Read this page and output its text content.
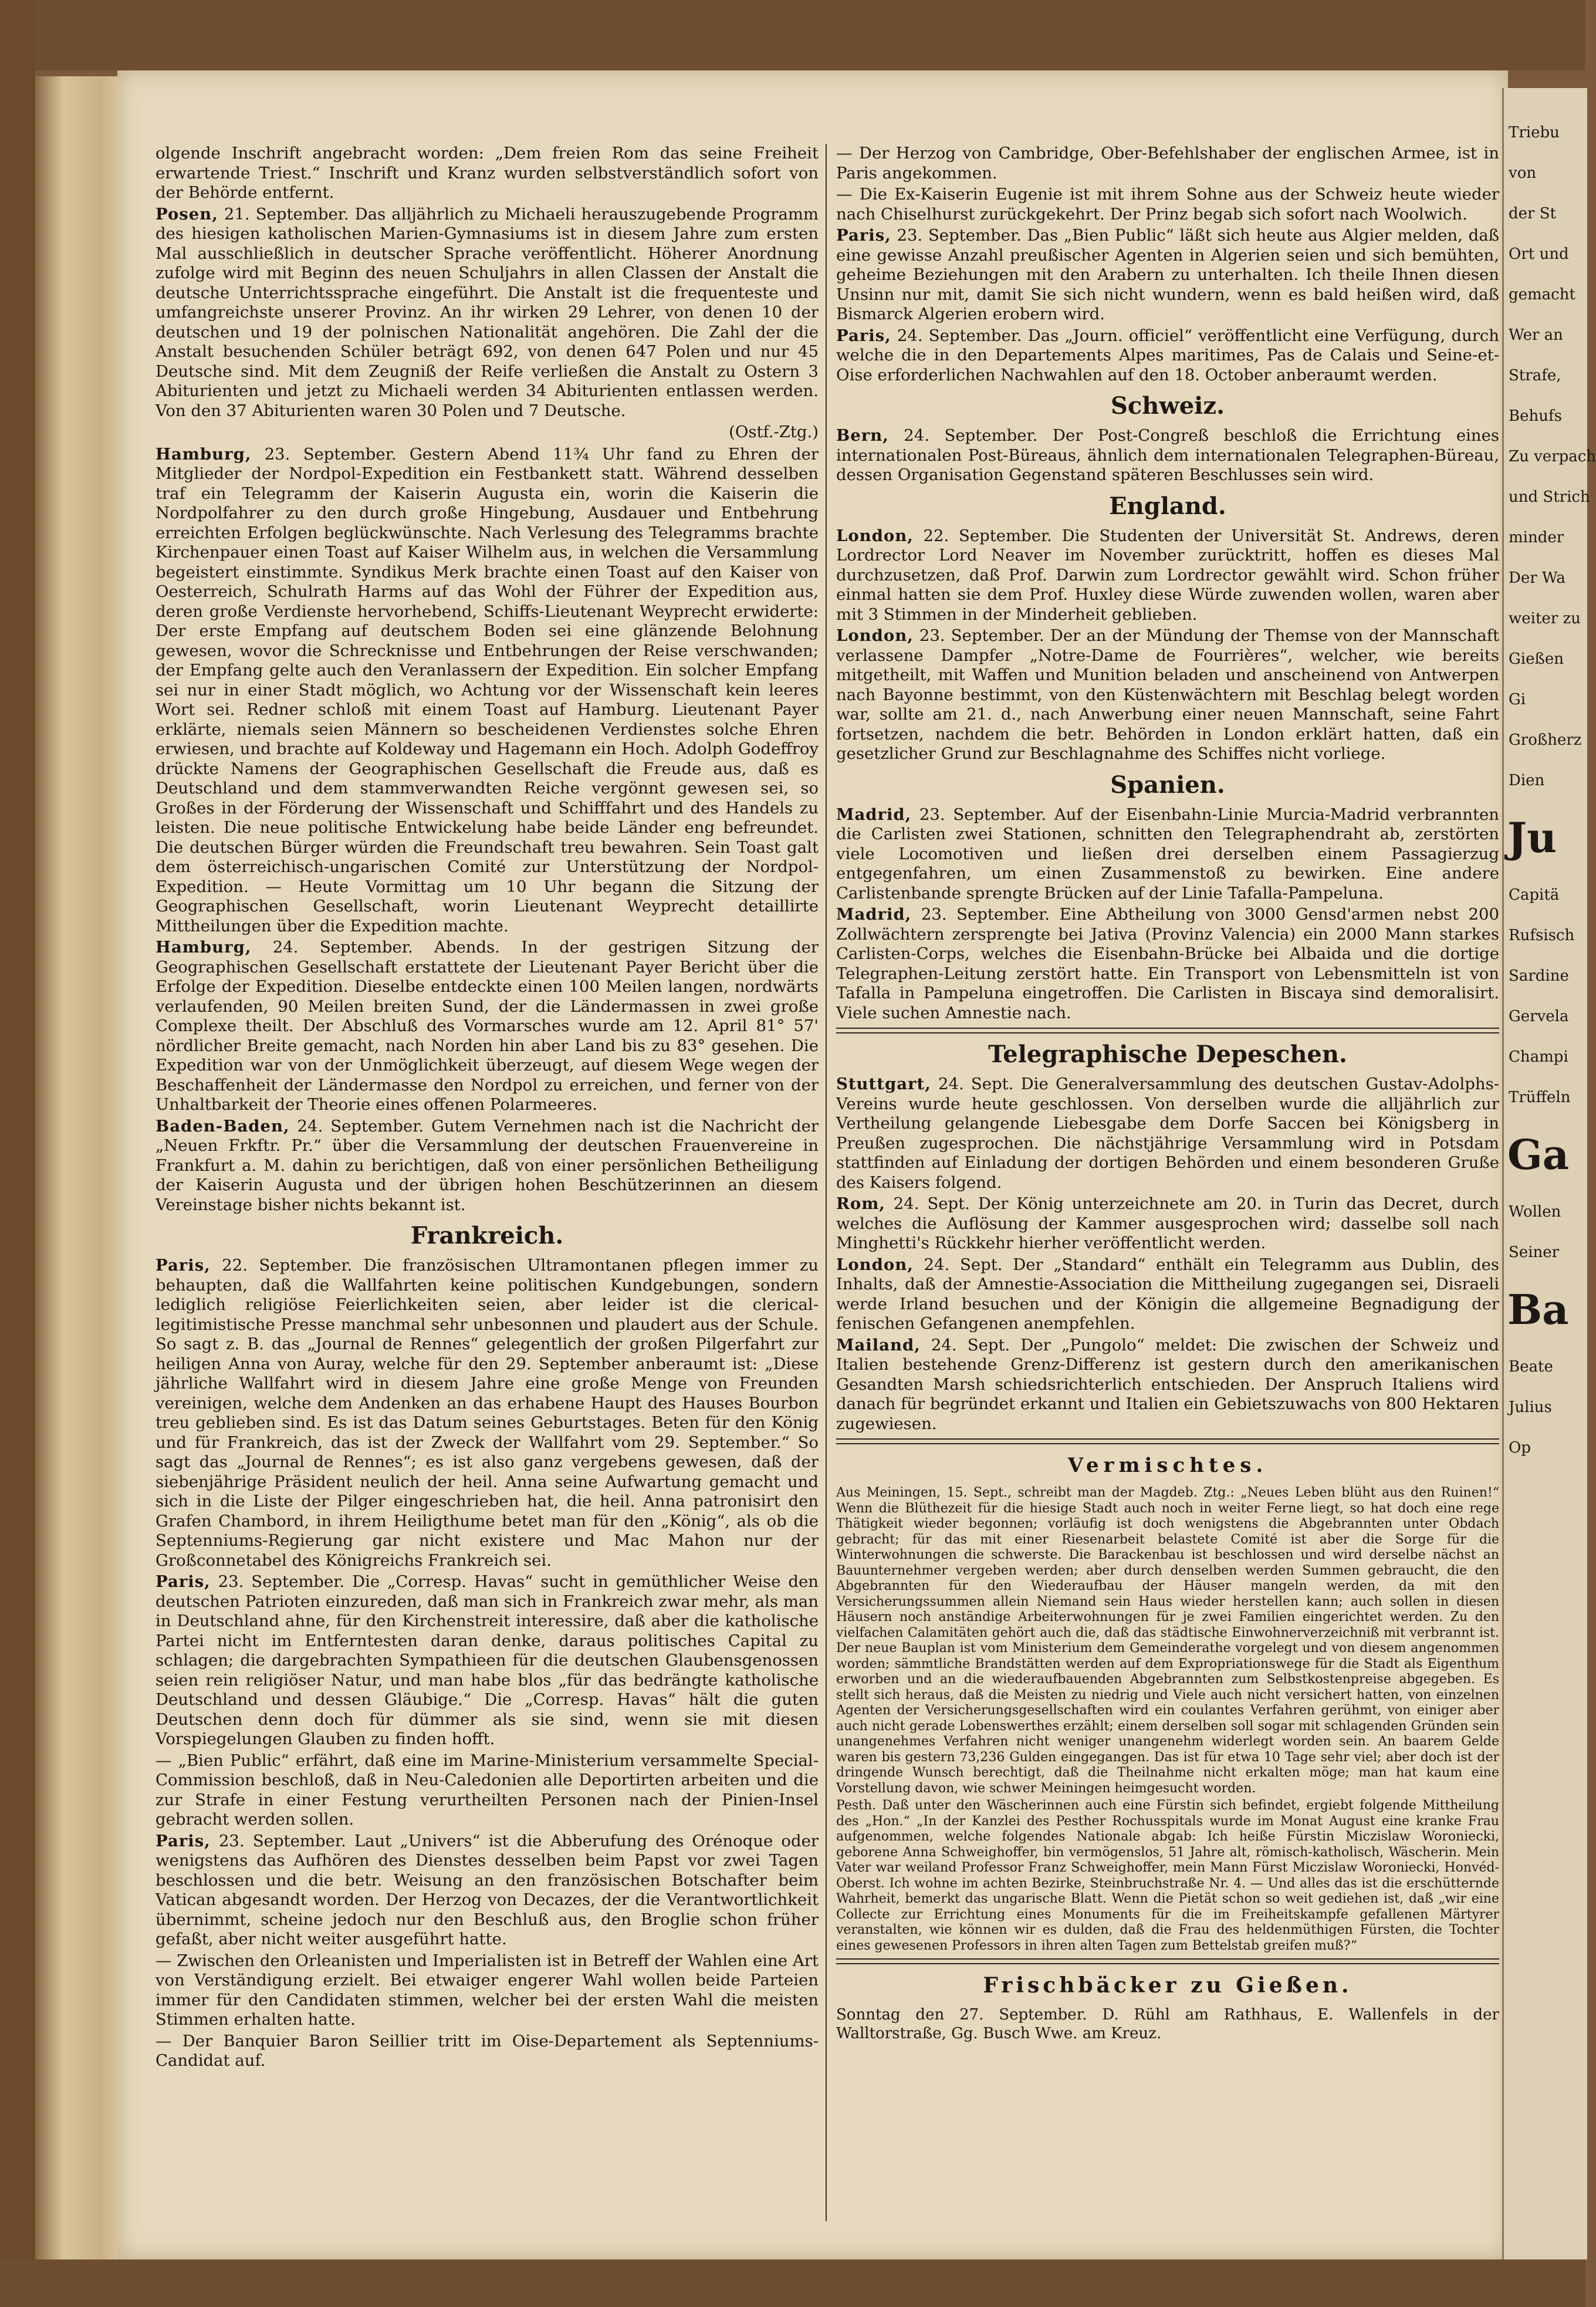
olgende Inschrift angebracht worden: „Dem freien Rom das seine Freiheit erwartende Triest.“ Inschrift und Kranz wurden selbstverständlich sofort von der Behörde entfernt.

Posen, 21. September. Das alljährlich zu Michaeli herauszugebende Programm des hiesigen katholischen Marien-Gymnasiums ist in diesem Jahre zum ersten Mal ausschließlich in deutscher Sprache veröffentlicht. Höherer Anordnung zufolge wird mit Beginn des neuen Schuljahrs in allen Classen der Anstalt die deutsche Unterrichtssprache eingeführt. Die Anstalt ist die frequenteste und umfangreichste unserer Provinz. An ihr wirken 29 Lehrer, von denen 10 der deutschen und 19 der polnischen Nationalität angehören. Die Zahl der die Anstalt besuchenden Schüler beträgt 692, von denen 647 Polen und nur 45 Deutsche sind. Mit dem Zeugniß der Reife verließen die Anstalt zu Ostern 3 Abiturienten und jetzt zu Michaeli werden 34 Abiturienten entlassen werden. Von den 37 Abiturienten waren 30 Polen und 7 Deutsche.

(Ostf.-Ztg.)

Hamburg, 23. September. Gestern Abend 11¾ Uhr fand zu Ehren der Mitglieder der Nordpol-Expedition ein Festbankett statt. Während desselben traf ein Telegramm der Kaiserin Augusta ein, worin die Kaiserin die Nordpolfahrer zu den durch große Hingebung, Ausdauer und Entbehrung erreichten Erfolgen beglückwünschte. Nach Verlesung des Telegramms brachte Kirchenpauer einen Toast auf Kaiser Wilhelm aus, in welchen die Versammlung begeistert einstimmte. Syndikus Merk brachte einen Toast auf den Kaiser von Oesterreich, Schulrath Harms auf das Wohl der Führer der Expedition aus, deren große Verdienste hervorhebend, Schiffs-Lieutenant Weyprecht erwiderte: Der erste Empfang auf deutschem Boden sei eine glänzende Belohnung gewesen, wovor die Schrecknisse und Entbehrungen der Reise verschwanden; der Empfang gelte auch den Veranlassern der Expedition. Ein solcher Empfang sei nur in einer Stadt möglich, wo Achtung vor der Wissenschaft kein leeres Wort sei. Redner schloß mit einem Toast auf Hamburg. Lieutenant Payer erklärte, niemals seien Männern so bescheidenen Verdienstes solche Ehren erwiesen, und brachte auf Koldeway und Hagemann ein Hoch. Adolph Godeffroy drückte Namens der Geographischen Gesellschaft die Freude aus, daß es Deutschland und dem stammverwandten Reiche vergönnt gewesen sei, so Großes in der Förderung der Wissenschaft und Schifffahrt und des Handels zu leisten. Die neue politische Entwickelung habe beide Länder eng befreundet. Die deutschen Bürger würden die Freundschaft treu bewahren. Sein Toast galt dem österreichisch-ungarischen Comité zur Unterstützung der Nordpol-Expedition. — Heute Vormittag um 10 Uhr begann die Sitzung der Geographischen Gesellschaft, worin Lieutenant Weyprecht detaillirte Mittheilungen über die Expedition machte.

Hamburg, 24. September. Abends. In der gestrigen Sitzung der Geographischen Gesellschaft erstattete der Lieutenant Payer Bericht über die Erfolge der Expedition. Dieselbe entdeckte einen 100 Meilen langen, nordwärts verlaufenden, 90 Meilen breiten Sund, der die Ländermassen in zwei große Complexe theilt. Der Abschluß des Vormarsches wurde am 12. April 81° 57' nördlicher Breite gemacht, nach Norden hin aber Land bis zu 83° gesehen. Die Expedition war von der Unmöglichkeit überzeugt, auf diesem Wege wegen der Beschaffenheit der Ländermasse den Nordpol zu erreichen, und ferner von der Unhaltbarkeit der Theorie eines offenen Polarmeeres.

Baden-Baden, 24. September. Gutem Vernehmen nach ist die Nachricht der „Neuen Frkftr. Pr.“ über die Versammlung der deutschen Frauenvereine in Frankfurt a. M. dahin zu berichtigen, daß von einer persönlichen Betheiligung der Kaiserin Augusta und der übrigen hohen Beschützerinnen an diesem Vereinstage bisher nichts bekannt ist.

Frankreich.

Paris, 22. September. Die französischen Ultramontanen pflegen immer zu behaupten, daß die Wallfahrten keine politischen Kundgebungen, sondern lediglich religiöse Feierlichkeiten seien, aber leider ist die clerical-legitimistische Presse manchmal sehr unbesonnen und plaudert aus der Schule. So sagt z. B. das „Journal de Rennes“ gelegentlich der großen Pilgerfahrt zur heiligen Anna von Auray, welche für den 29. September anberaumt ist: „Diese jährliche Wallfahrt wird in diesem Jahre eine große Menge von Freunden vereinigen, welche dem Andenken an das erhabene Haupt des Hauses Bourbon treu geblieben sind. Es ist das Datum seines Geburtstages. Beten für den König und für Frankreich, das ist der Zweck der Wallfahrt vom 29. September.“ So sagt das „Journal de Rennes“; es ist also ganz vergebens gewesen, daß der siebenjährige Präsident neulich der heil. Anna seine Aufwartung gemacht und sich in die Liste der Pilger eingeschrieben hat, die heil. Anna patronisirt den Grafen Chambord, in ihrem Heiligthume betet man für den „König“, als ob die Septenniums-Regierung gar nicht existere und Mac Mahon nur der Großconnetabel des Königreichs Frankreich sei.

Paris, 23. September. Die „Corresp. Havas“ sucht in gemüthlicher Weise den deutschen Patrioten einzureden, daß man sich in Frankreich zwar mehr, als man in Deutschland ahne, für den Kirchenstreit interessire, daß aber die katholische Partei nicht im Entferntesten daran denke, daraus politisches Capital zu schlagen; die dargebrachten Sympathieen für die deutschen Glaubensgenossen seien rein religiöser Natur, und man habe blos „für das bedrängte katholische Deutschland und dessen Gläubige.“ Die „Corresp. Havas“ hält die guten Deutschen denn doch für dümmer als sie sind, wenn sie mit diesen Vorspiegelungen Glauben zu finden hofft.

— „Bien Public“ erfährt, daß eine im Marine-Ministerium versammelte Special-Commission beschloß, daß in Neu-Caledonien alle Deportirten arbeiten und die zur Strafe in einer Festung verurtheilten Personen nach der Pinien-Insel gebracht werden sollen.

Paris, 23. September. Laut „Univers“ ist die Abberufung des Orénoque oder wenigstens das Aufhören des Dienstes desselben beim Papst vor zwei Tagen beschlossen und die betr. Weisung an den französischen Botschafter beim Vatican abgesandt worden. Der Herzog von Decazes, der die Verantwortlichkeit übernimmt, scheine jedoch nur den Beschluß aus, den Broglie schon früher gefaßt, aber nicht weiter ausgeführt hatte.

— Zwischen den Orleanisten und Imperialisten ist in Betreff der Wahlen eine Art von Verständigung erzielt. Bei etwaiger engerer Wahl wollen beide Parteien immer für den Candidaten stimmen, welcher bei der ersten Wahl die meisten Stimmen erhalten hatte.

— Der Banquier Baron Seillier tritt im Oise-Departement als Septenniums-Candidat auf.

— Der Herzog von Cambridge, Ober-Befehlshaber der englischen Armee, ist in Paris angekommen.

— Die Ex-Kaiserin Eugenie ist mit ihrem Sohne aus der Schweiz heute wieder nach Chiselhurst zurückgekehrt. Der Prinz begab sich sofort nach Woolwich.

Paris, 23. September. Das „Bien Public“ läßt sich heute aus Algier melden, daß eine gewisse Anzahl preußischer Agenten in Algerien seien und sich bemühten, geheime Beziehungen mit den Arabern zu unterhalten. Ich theile Ihnen diesen Unsinn nur mit, damit Sie sich nicht wundern, wenn es bald heißen wird, daß Bismarck Algerien erobern wird.

Paris, 24. September. Das „Journ. officiel“ veröffentlicht eine Verfügung, durch welche die in den Departements Alpes maritimes, Pas de Calais und Seine-et-Oise erforderlichen Nachwahlen auf den 18. October anberaumt werden.

Schweiz.

Bern, 24. September. Der Post-Congreß beschloß die Errichtung eines internationalen Post-Büreaus, ähnlich dem internationalen Telegraphen-Büreau, dessen Organisation Gegenstand späteren Beschlusses sein wird.

England.

London, 22. September. Die Studenten der Universität St. Andrews, deren Lordrector Lord Neaver im November zurücktritt, hoffen es dieses Mal durchzusetzen, daß Prof. Darwin zum Lordrector gewählt wird. Schon früher einmal hatten sie dem Prof. Huxley diese Würde zuwenden wollen, waren aber mit 3 Stimmen in der Minderheit geblieben.

London, 23. September. Der an der Mündung der Themse von der Mannschaft verlassene Dampfer „Notre-Dame de Fourrières“, welcher, wie bereits mitgetheilt, mit Waffen und Munition beladen und anscheinend von Antwerpen nach Bayonne bestimmt, von den Küstenwächtern mit Beschlag belegt worden war, sollte am 21. d., nach Anwerbung einer neuen Mannschaft, seine Fahrt fortsetzen, nachdem die betr. Behörden in London erklärt hatten, daß ein gesetzlicher Grund zur Beschlagnahme des Schiffes nicht vorliege.

Spanien.

Madrid, 23. September. Auf der Eisenbahn-Linie Murcia-Madrid verbrannten die Carlisten zwei Stationen, schnitten den Telegraphendraht ab, zerstörten viele Locomotiven und ließen drei derselben einem Passagierzug entgegenfahren, um einen Zusammenstoß zu bewirken. Eine andere Carlistenbande sprengte Brücken auf der Linie Tafalla-Pampeluna.

Madrid, 23. September. Eine Abtheilung von 3000 Gensd'armen nebst 200 Zollwächtern zersprengte bei Jativa (Provinz Valencia) ein 2000 Mann starkes Carlisten-Corps, welches die Eisenbahn-Brücke bei Albaida und die dortige Telegraphen-Leitung zerstört hatte. Ein Transport von Lebensmitteln ist von Tafalla in Pampeluna eingetroffen. Die Carlisten in Biscaya sind demoralisirt. Viele suchen Amnestie nach.

Telegraphische Depeschen.

Stuttgart, 24. Sept. Die Generalversammlung des deutschen Gustav-Adolphs-Vereins wurde heute geschlossen. Von derselben wurde die alljährlich zur Vertheilung gelangende Liebesgabe dem Dorfe Saccen bei Königsberg in Preußen zugesprochen. Die nächstjährige Versammlung wird in Potsdam stattfinden auf Einladung der dortigen Behörden und einem besonderen Gruße des Kaisers folgend.

Rom, 24. Sept. Der König unterzeichnete am 20. in Turin das Decret, durch welches die Auflösung der Kammer ausgesprochen wird; dasselbe soll nach Minghetti's Rückkehr hierher veröffentlicht werden.

London, 24. Sept. Der „Standard“ enthält ein Telegramm aus Dublin, des Inhalts, daß der Amnestie-Association die Mittheilung zugegangen sei, Disraeli werde Irland besuchen und der Königin die allgemeine Begnadigung der fenischen Gefangenen anempfehlen.

Mailand, 24. Sept. Der „Pungolo“ meldet: Die zwischen der Schweiz und Italien bestehende Grenz-Differenz ist gestern durch den amerikanischen Gesandten Marsh schiedsrichterlich entschieden. Der Anspruch Italiens wird danach für begründet erkannt und Italien ein Gebietszuwachs von 800 Hektaren zugewiesen.

Vermischtes.

Aus Meiningen, 15. Sept., schreibt man der Magdeb. Ztg.: „Neues Leben blüht aus den Ruinen!“ Wenn die Blüthezeit für die hiesige Stadt auch noch in weiter Ferne liegt, so hat doch eine rege Thätigkeit wieder begonnen; vorläufig ist doch wenigstens die Abgebrannten unter Obdach gebracht; für das mit einer Riesenarbeit belastete Comité ist aber die Sorge für die Winterwohnungen die schwerste. Die Barackenbau ist beschlossen und wird derselbe nächst an Bauunternehmer vergeben werden; aber durch denselben werden Summen gebraucht, die den Abgebrannten für den Wiederaufbau der Häuser mangeln werden, da mit den Versicherungssummen allein Niemand sein Haus wieder herstellen kann; auch sollen in diesen Häusern noch anständige Arbeiterwohnungen für je zwei Familien eingerichtet werden. Zu den vielfachen Calamitäten gehört auch die, daß das städtische Einwohnerverzeichniß mit verbrannt ist. Der neue Bauplan ist vom Ministerium dem Gemeinderathe vorgelegt und von diesem angenommen worden; sämmtliche Brandstätten werden auf dem Expropriationswege für die Stadt als Eigenthum erworben und an die wiederaufbauenden Abgebrannten zum Selbstkostenpreise abgegeben. Es stellt sich heraus, daß die Meisten zu niedrig und Viele auch nicht versichert hatten, von einzelnen Agenten der Versicherungsgesellschaften wird ein coulantes Verfahren gerühmt, von einiger aber auch nicht gerade Lobenswerthes erzählt; einem derselben soll sogar mit schlagenden Gründen sein unangenehmes Verfahren nicht weniger unangenehm widerlegt worden sein. An baarem Gelde waren bis gestern 73,236 Gulden eingegangen. Das ist für etwa 10 Tage sehr viel; aber doch ist der dringende Wunsch berechtigt, daß die Theilnahme nicht erkalten möge; man hat kaum eine Vorstellung davon, wie schwer Meiningen heimgesucht worden.

Pesth. Daß unter den Wäscherinnen auch eine Fürstin sich befindet, ergiebt folgende Mittheilung des „Hon.“ „In der Kanzlei des Pesther Rochusspitals wurde im Monat August eine kranke Frau aufgenommen, welche folgendes Nationale abgab: Ich heiße Fürstin Miczislaw Woroniecki, geborene Anna Schweighoffer, bin vermögenslos, 51 Jahre alt, römisch-katholisch, Wäscherin. Mein Vater war weiland Professor Franz Schweighoffer, mein Mann Fürst Miczislaw Woroniecki, Honvéd-Oberst. Ich wohne im achten Bezirke, Steinbruchstraße Nr. 4. — Und alles das ist die erschütternde Wahrheit, bemerkt das ungarische Blatt. Wenn die Pietät schon so weit gediehen ist, daß „wir eine Collecte zur Errichtung eines Monuments für die im Freiheitskampfe gefallenen Märtyrer veranstalten, wie können wir es dulden, daß die Frau des heldenmüthigen Fürsten, die Tochter eines gewesenen Professors in ihren alten Tagen zum Bettelstab greifen muß?“

Frischbäcker zu Gießen.

Sonntag den 27. September. D. Rühl am Rathhaus, E. Wallenfels in der Walltorstraße, Gg. Busch Wwe. am Kreuz.

Triebu
von
der St
Ort und
gemacht
Wer an
Strafe,
Behufs
Zu verpach
und Strich
minder
Der Wa
weiter zu
Gießen
Gi
Großherz
Dien
Ju
Capitä
Rufsisch
Sardine
Gervela
Champi
Trüffeln
Ga
Wollen
Seiner
Ba
Beate
Julius
Op
